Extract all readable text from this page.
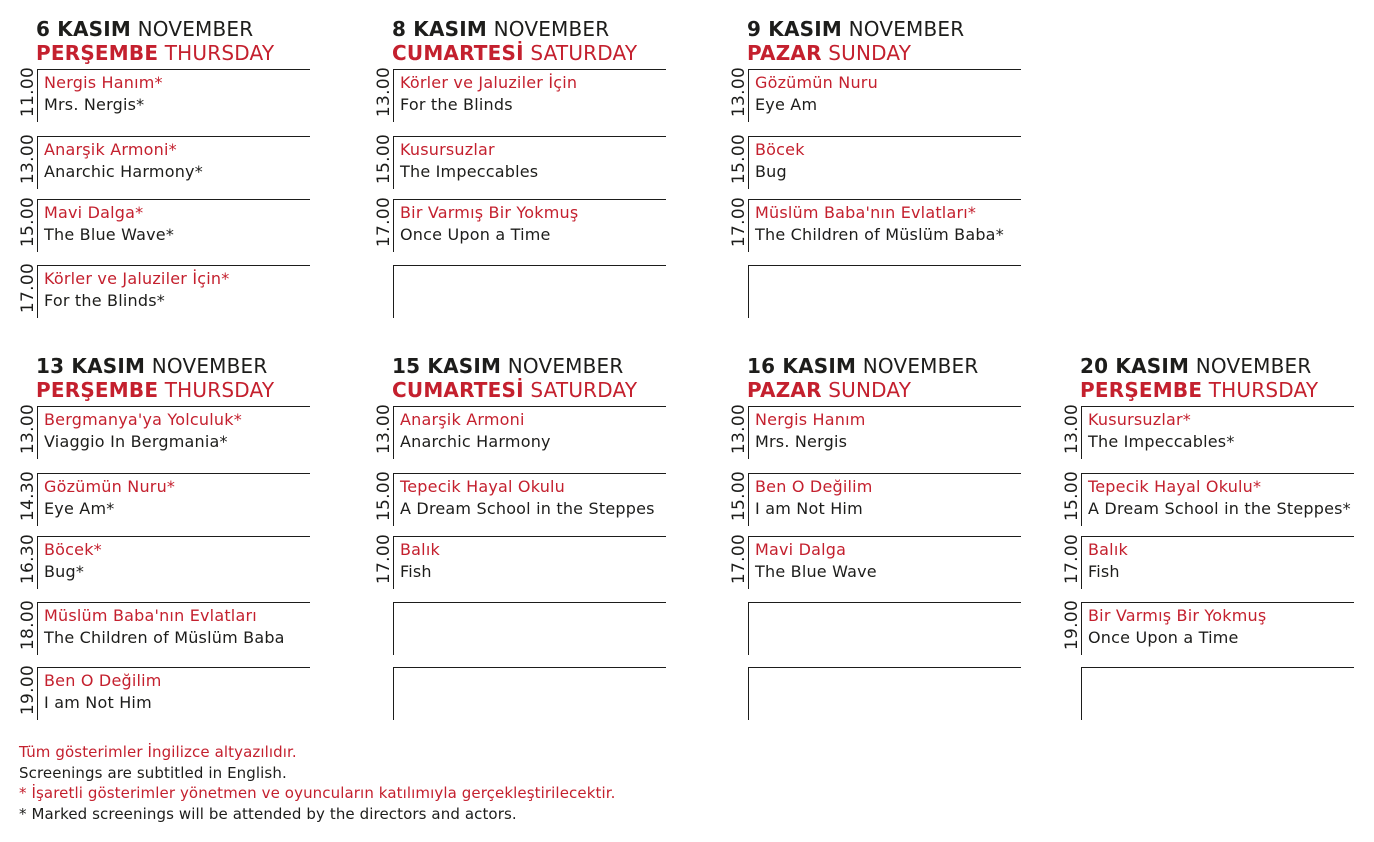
6 KASIM NOVEMBER
PERŞEMBE THURSDAY
11.00 Nergis Hanım*
Mrs. Nergis*
13.00 Anarşik Armoni*
Anarchic Harmony*
15.00 Mavi Dalga*
The Blue Wave*
17.00 Körler ve Jaluziler İçin*
For the Blinds*
8 KASIM NOVEMBER
CUMARTESİ SATURDAY
13.00 Körler ve Jaluziler İçin
For the Blinds
15.00 Kusursuzlar
The Impeccables
17.00 Bir Varmış Bir Yokmuş
Once Upon a Time
9 KASIM NOVEMBER
PAZAR SUNDAY
13.00 Gözümün Nuru
Eye Am
15.00 Böcek
Bug
17.00 Müslüm Baba'nın Evlatları*
The Children of Müslüm Baba*
13 KASIM NOVEMBER
PERŞEMBE THURSDAY
13.00 Bergmanya'ya Yolculuk*
Viaggio In Bergmania*
14.30 Gözümün Nuru*
Eye Am*
16.30 Böcek*
Bug*
18.00 Müslüm Baba'nın Evlatları
The Children of Müslüm Baba
19.00 Ben O Değilim
I am Not Him
15 KASIM NOVEMBER
CUMARTESİ SATURDAY
13.00 Anarşik Armoni
Anarchic Harmony
15.00 Tepecik Hayal Okulu
A Dream School in the Steppes
17.00 Balık
Fish
16 KASIM NOVEMBER
PAZAR SUNDAY
13.00 Nergis Hanım
Mrs. Nergis
15.00 Ben O Değilim
I am Not Him
17.00 Mavi Dalga
The Blue Wave
20 KASIM NOVEMBER
PERŞEMBE THURSDAY
13.00 Kusursuzlar*
The Impeccables*
15.00 Tepecik Hayal Okulu*
A Dream School in the Steppes*
17.00 Balık
Fish
19.00 Bir Varmış Bir Yokmuş
Once Upon a Time
Tüm gösterimler İngilizce altyazılıdır.
Screenings are subtitled in English.
* İşaretli gösterimler yönetmen ve oyuncuların katılımıyla gerçekleştirilecektir.
* Marked screenings will be attended by the directors and actors.
